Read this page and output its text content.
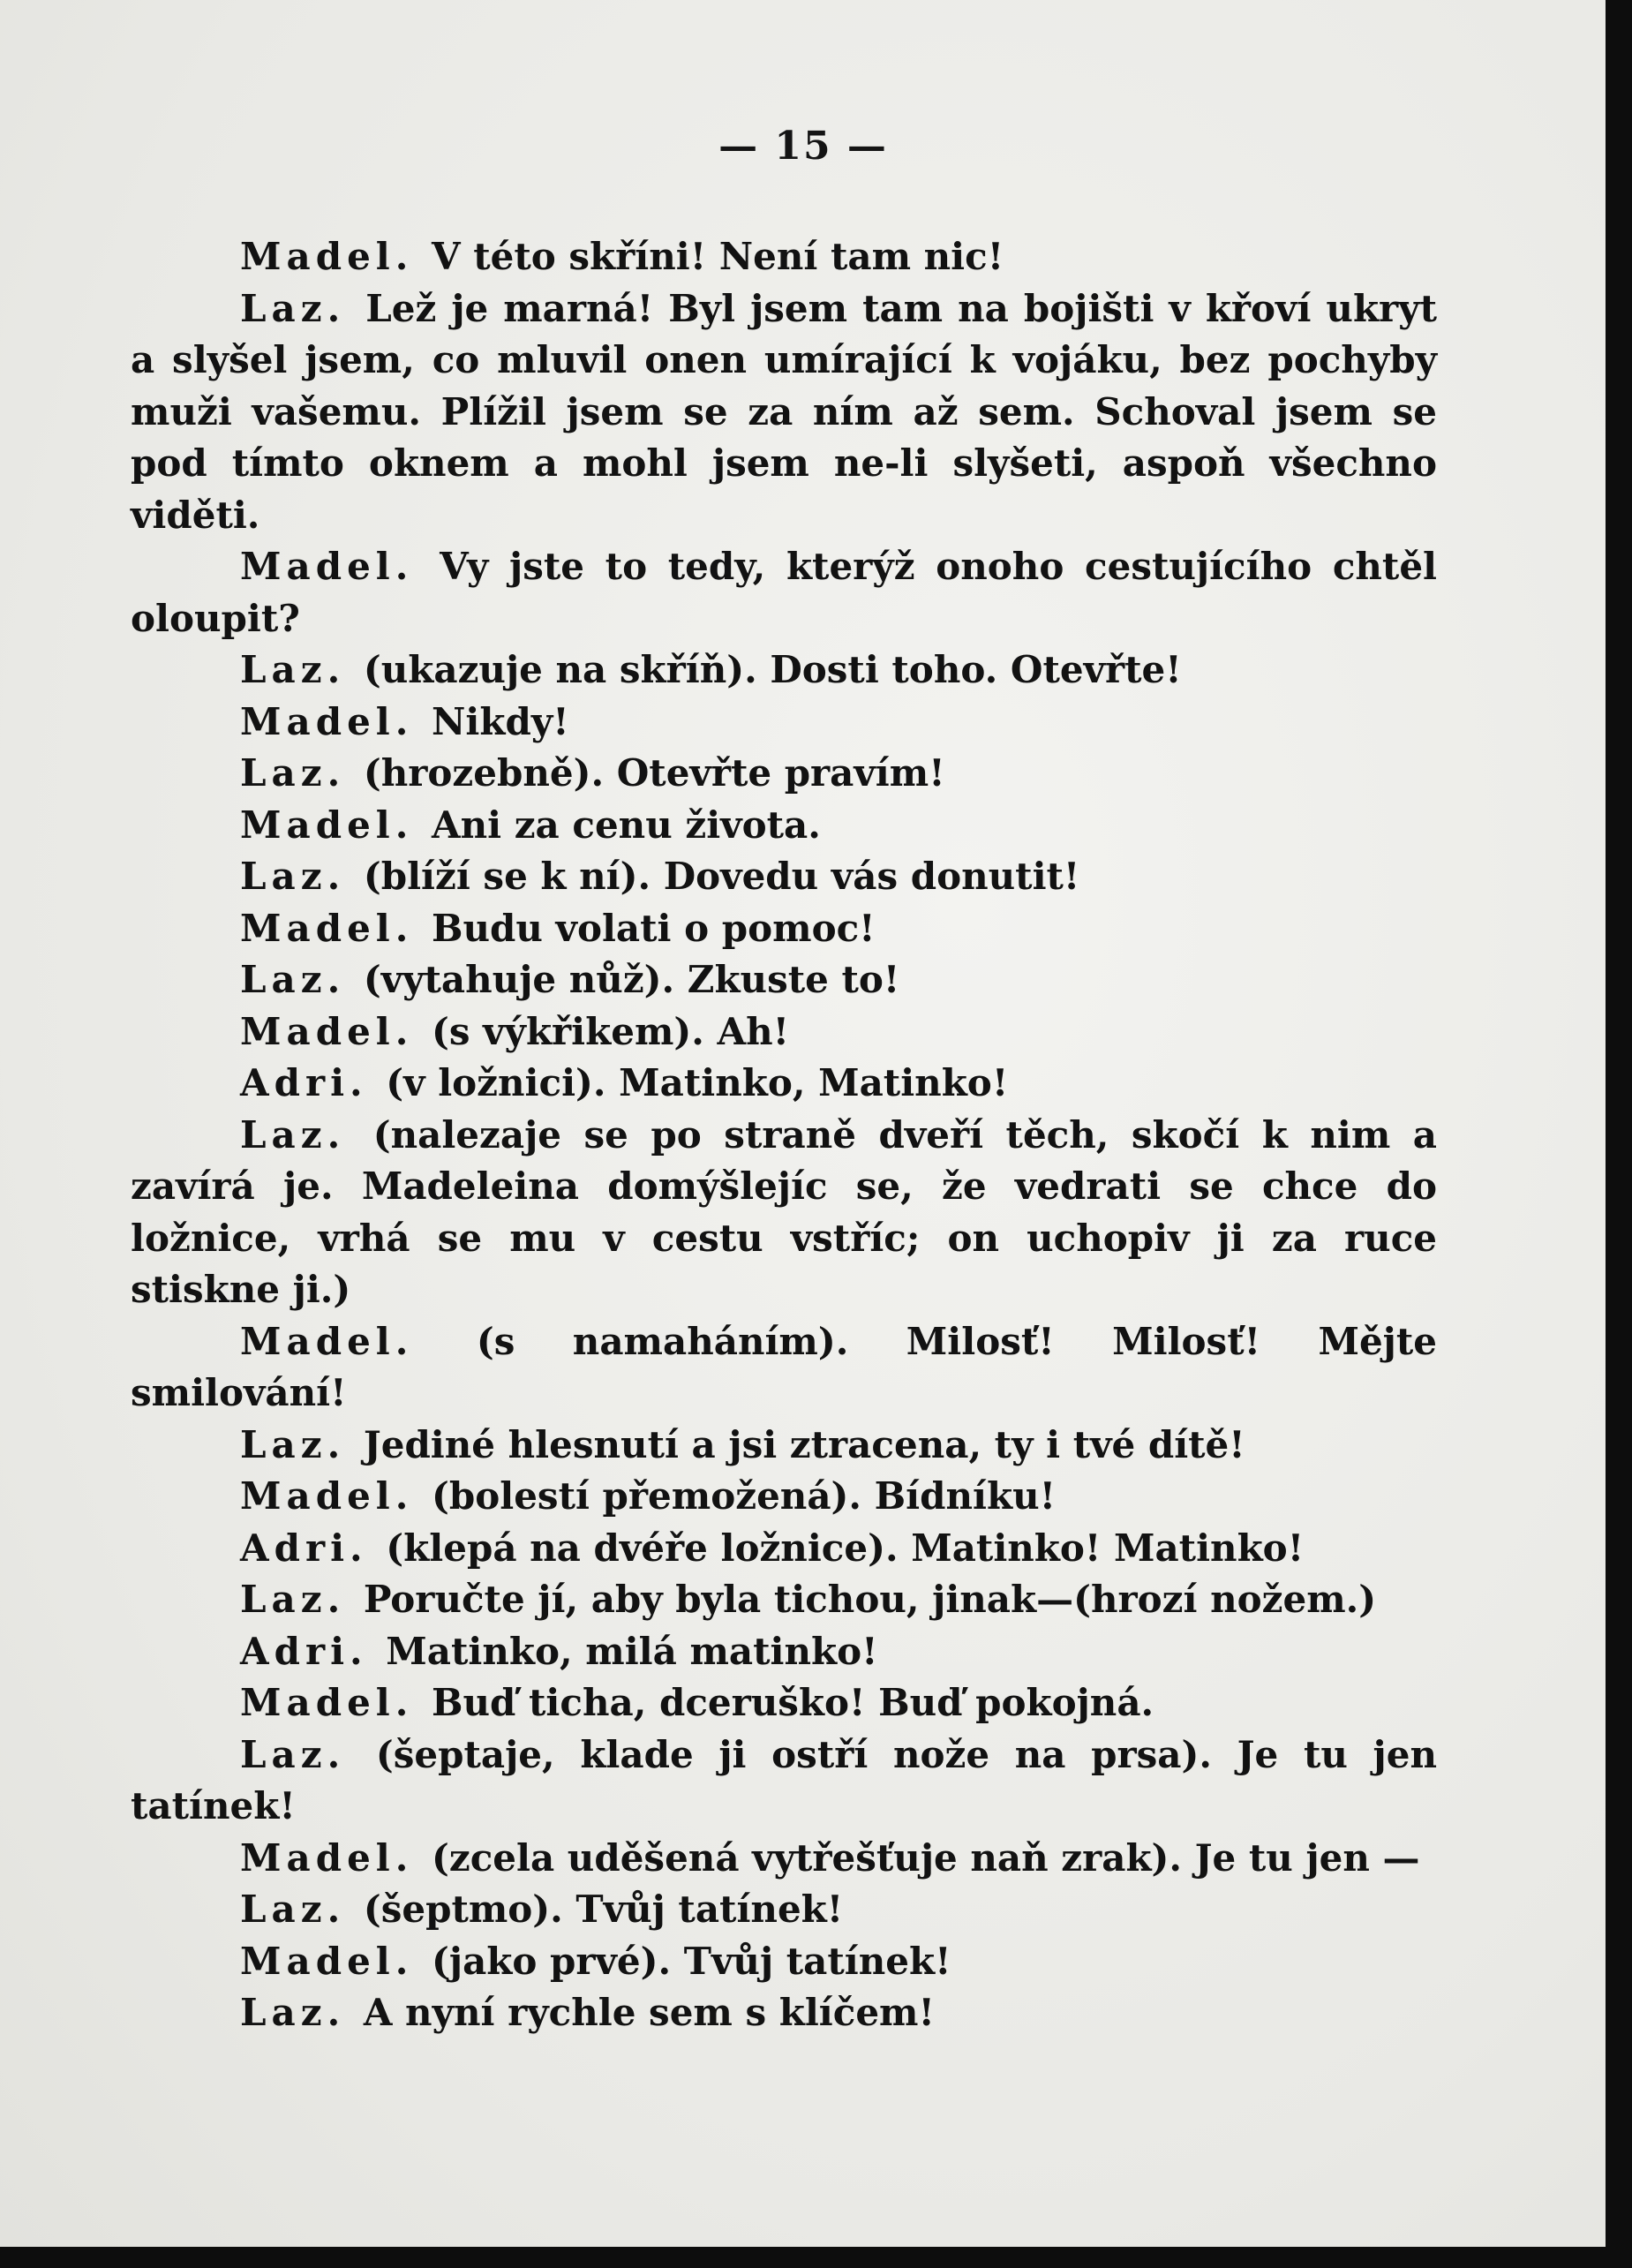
— 15 —

Madel. V této skříni! Není tam nic!

Laz. Lež je marná! Byl jsem tam na bojišti v křoví ukryt a slyšel jsem, co mluvil onen umírající k vojáku, bez pochyby muži vašemu. Plížil jsem se za ním až sem. Schoval jsem se pod tímto oknem a mohl jsem ne-li slyšeti, aspoň všechno viděti.

Madel. Vy jste to tedy, kterýž onoho cestujícího chtěl oloupit?

Laz. (ukazuje na skříň). Dosti toho. Otevřte!

Madel. Nikdy!

Laz. (hrozebně). Otevřte pravím!

Madel. Ani za cenu života.

Laz. (blíží se k ní). Dovedu vás donutit!

Madel. Budu volati o pomoc!

Laz. (vytahuje nůž). Zkuste to!

Madel. (s výkřikem). Ah!

Adri. (v ložnici). Matinko, Matinko!

Laz. (nalezaje se po straně dveří těch, skočí k nim a zavírá je. Madeleina domýšlejíc se, že vedrati se chce do ložnice, vrhá se mu v cestu vstříc; on uchopiv ji za ruce stiskne ji.)

Madel. (s namaháním). Milosť! Milosť! Mějte smilování!

Laz. Jediné hlesnutí a jsi ztracena, ty i tvé dítě!

Madel. (bolestí přemožená). Bídníku!

Adri. (klepá na dvéře ložnice). Matinko! Matinko!

Laz. Poručte jí, aby byla tichou, jinak—(hrozí nožem.)

Adri. Matinko, milá matinko!

Madel. Buď ticha, dceruško! Buď pokojná.

Laz. (šeptaje, klade ji ostří nože na prsa). Je tu jen tatínek!

Madel. (zcela uděšená vytřešťuje naň zrak). Je tu jen —

Laz. (šeptmo). Tvůj tatínek!

Madel. (jako prvé). Tvůj tatínek!

Laz. A nyní rychle sem s klíčem!
